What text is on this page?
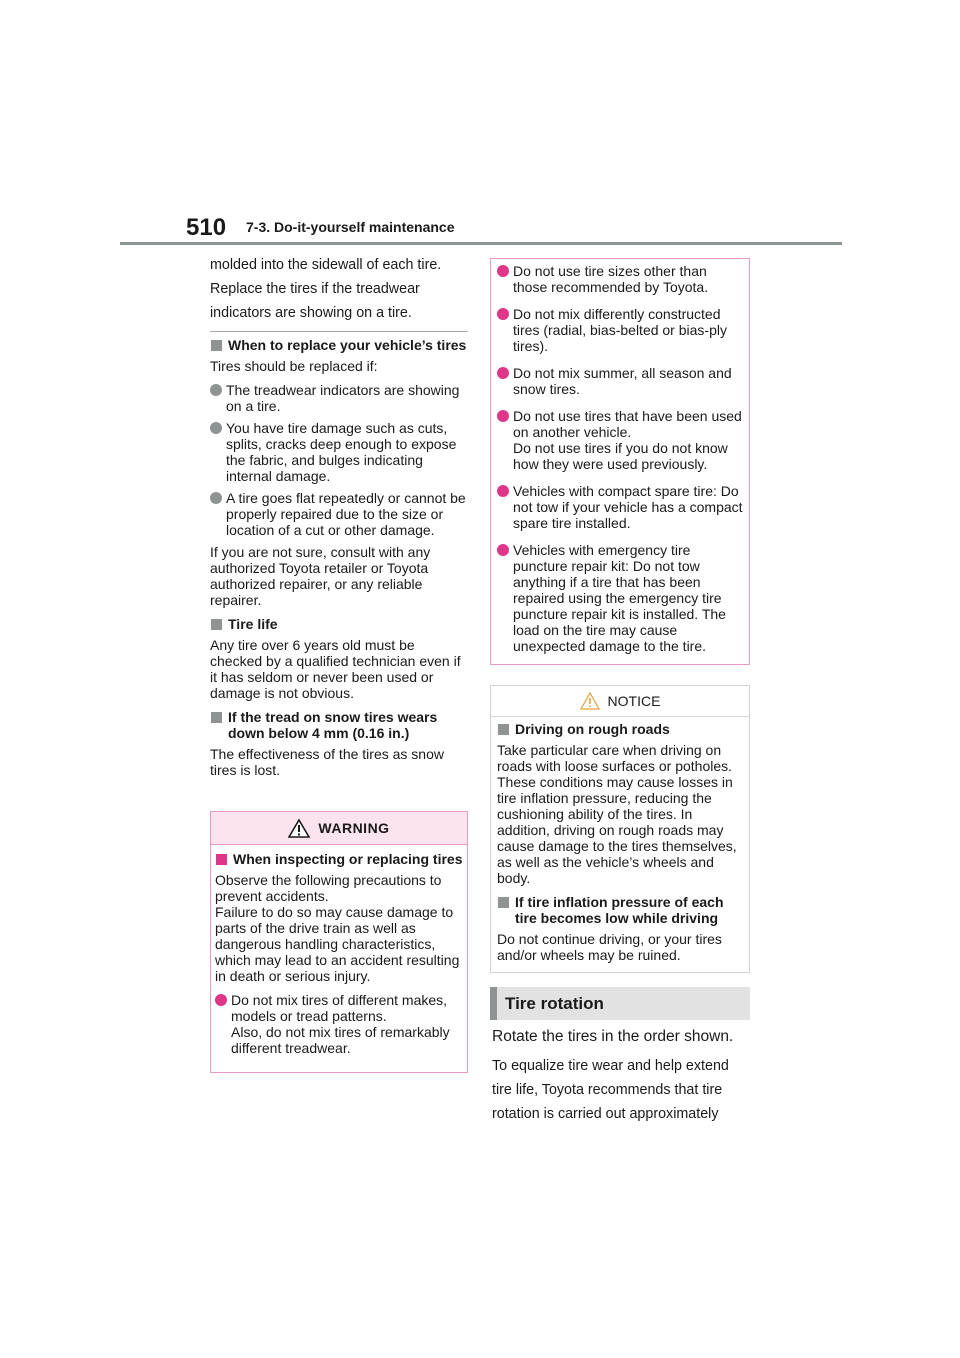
510 7-3. Do-it-yourself maintenance
molded into the sidewall of each tire. Replace the tires if the treadwear indicators are showing on a tire.
When to replace your vehicle’s tires
Tires should be replaced if:
The treadwear indicators are showing on a tire.
You have tire damage such as cuts, splits, cracks deep enough to expose the fabric, and bulges indicating internal damage.
A tire goes flat repeatedly or cannot be properly repaired due to the size or location of a cut or other damage.
If you are not sure, consult with any authorized Toyota retailer or Toyota authorized repairer, or any reliable repairer.
Tire life
Any tire over 6 years old must be checked by a qualified technician even if it has seldom or never been used or damage is not obvious.
If the tread on snow tires wears down below 4 mm (0.16 in.)
The effectiveness of the tires as snow tires is lost.
WARNING
When inspecting or replacing tires
Observe the following precautions to prevent accidents.
Failure to do so may cause damage to parts of the drive train as well as dangerous handling characteristics, which may lead to an accident resulting in death or serious injury.
Do not mix tires of different makes, models or tread patterns.
Also, do not mix tires of remarkably different treadwear.
Do not use tire sizes other than those recommended by Toyota.
Do not mix differently constructed tires (radial, bias-belted or bias-ply tires).
Do not mix summer, all season and snow tires.
Do not use tires that have been used on another vehicle.
Do not use tires if you do not know how they were used previously.
Vehicles with compact spare tire: Do not tow if your vehicle has a compact spare tire installed.
Vehicles with emergency tire puncture repair kit: Do not tow anything if a tire that has been repaired using the emergency tire puncture repair kit is installed. The load on the tire may cause unexpected damage to the tire.
NOTICE
Driving on rough roads
Take particular care when driving on roads with loose surfaces or potholes. These conditions may cause losses in tire inflation pressure, reducing the cushioning ability of the tires. In addition, driving on rough roads may cause damage to the tires themselves, as well as the vehicle’s wheels and body.
If tire inflation pressure of each tire becomes low while driving
Do not continue driving, or your tires and/or wheels may be ruined.
Tire rotation
Rotate the tires in the order shown.
To equalize tire wear and help extend tire life, Toyota recommends that tire rotation is carried out approximately
